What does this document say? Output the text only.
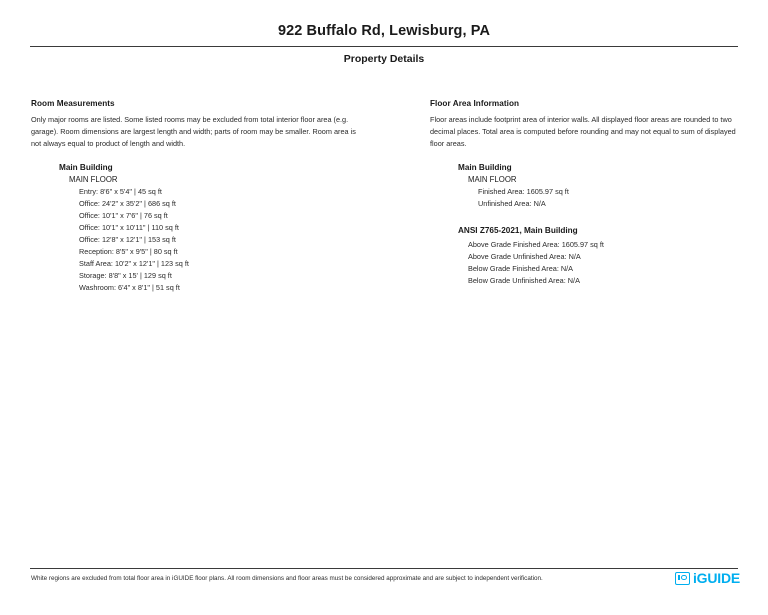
922 Buffalo Rd, Lewisburg, PA
Property Details
Room Measurements

Only major rooms are listed. Some listed rooms may be excluded from total interior floor area (e.g. garage). Room dimensions are largest length and width; parts of room may be smaller. Room area is not always equal to product of length and width.

Main Building
MAIN FLOOR
Entry: 8'6" x 5'4" | 45 sq ft
Office: 24'2" x 35'2" | 686 sq ft
Office: 10'1" x 7'6" | 76 sq ft
Office: 10'1" x 10'11" | 110 sq ft
Office: 12'8" x 12'1" | 153 sq ft
Reception: 8'5" x 9'5" | 80 sq ft
Staff Area: 10'2" x 12'1" | 123 sq ft
Storage: 8'8" x 15' | 129 sq ft
Washroom: 6'4" x 8'1" | 51 sq ft
Floor Area Information

Floor areas include footprint area of interior walls. All displayed floor areas are rounded to two decimal places. Total area is computed before rounding and may not equal to sum of displayed floor areas.

Main Building
MAIN FLOOR
Finished Area: 1605.97 sq ft
Unfinished Area: N/A
ANSI Z765-2021, Main Building
Above Grade Finished Area: 1605.97 sq ft
Above Grade Unfinished Area: N/A
Below Grade Finished Area: N/A
Below Grade Unfinished Area: N/A
White regions are excluded from total floor area in iGUIDE floor plans. All room dimensions and floor areas must be considered approximate and are subject to independent verification.	iGUIDE
